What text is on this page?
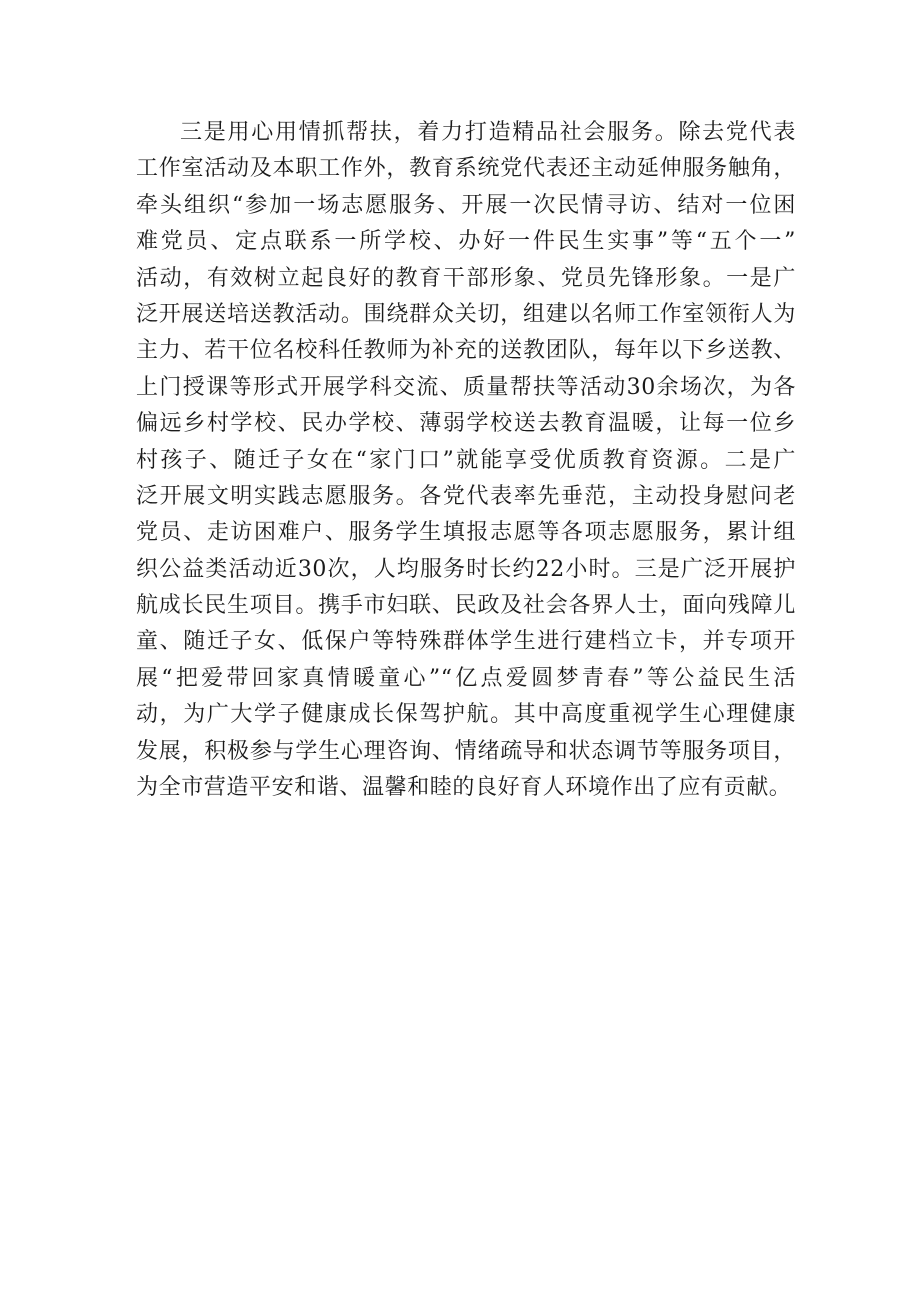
三是用心用情抓帮扶，着力打造精品社会服务。除去党代表
工作室活动及本职工作外，教育系统党代表还主动延伸服务触角，
牵头组织“参加一场志愿服务、开展一次民情寻访、结对一位困
难党员、定点联系一所学校、办好一件民生实事”等“五个一”
活动，有效树立起良好的教育干部形象、党员先锋形象。一是广
泛开展送培送教活动。围绕群众关切，组建以名师工作室领衔人为
主力、若干位名校科任教师为补充的送教团队，每年以下乡送教、
上门授课等形式开展学科交流、质量帮扶等活动30余场次，为各
偏远乡村学校、民办学校、薄弱学校送去教育温暖，让每一位乡
村孩子、随迁子女在“家门口”就能享受优质教育资源。二是广
泛开展文明实践志愿服务。各党代表率先垂范，主动投身慰问老
党员、走访困难户、服务学生填报志愿等各项志愿服务，累计组
织公益类活动近30次，人均服务时长约22小时。三是广泛开展护
航成长民生项目。携手市妇联、民政及社会各界人士，面向残障儿
童、随迁子女、低保户等特殊群体学生进行建档立卡，并专项开
展“把爱带回家真情暖童心”“亿点爱圆梦青春”等公益民生活
动，为广大学子健康成长保驾护航。其中高度重视学生心理健康
发展，积极参与学生心理咨询、情绪疏导和状态调节等服务项目，
为全市营造平安和谐、温馨和睦的良好育人环境作出了应有贡献。
